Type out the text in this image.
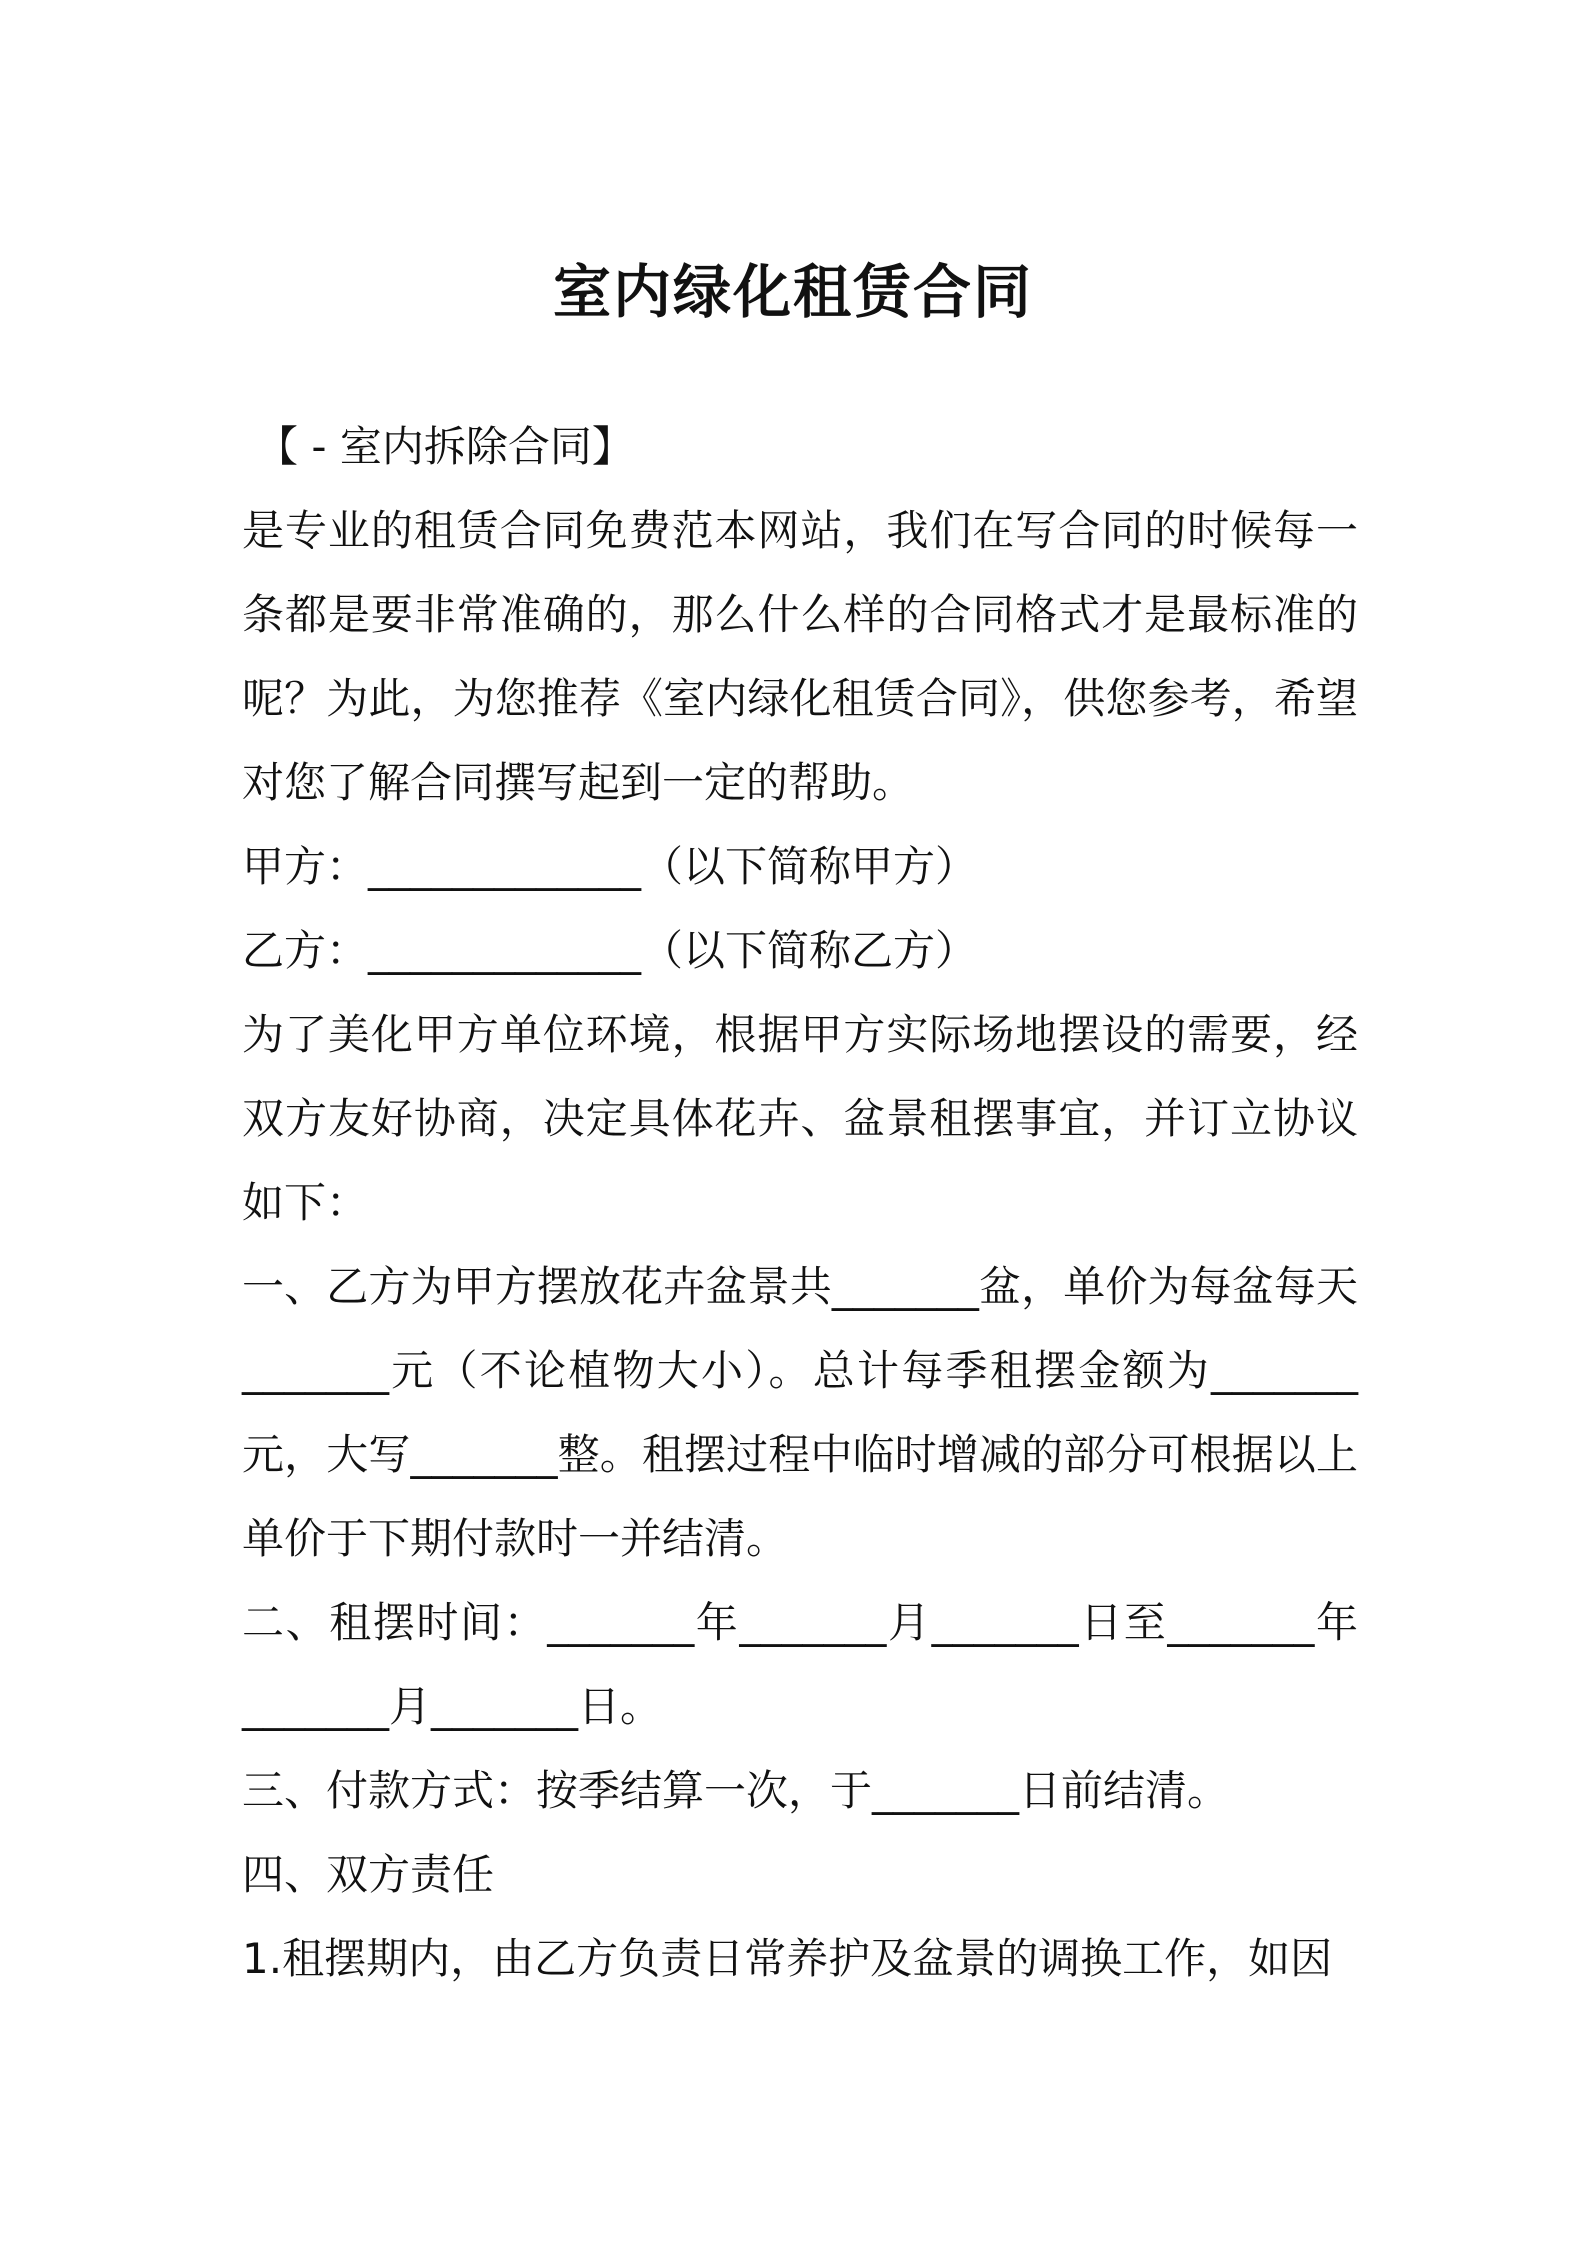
室内绿化租赁合同

【 - 室内拆除合同】

是专业的租赁合同免费范本网站，我们在写合同的时候每一条都是要非常准确的，那么什么样的合同格式才是最标准的呢？为此，为您推荐《室内绿化租赁合同》，供您参考，希望对您了解合同撰写起到一定的帮助。

甲方：_____________（以下简称甲方）

乙方：_____________（以下简称乙方）

为了美化甲方单位环境，根据甲方实际场地摆设的需要，经双方友好协商，决定具体花卉、盆景租摆事宜，并订立协议如下：

一、乙方为甲方摆放花卉盆景共_______盆，单价为每盆每天_______元（不论植物大小）。总计每季租摆金额为_______元，大写_______整。租摆过程中临时增减的部分可根据以上单价于下期付款时一并结清。

二、租摆时间：_______年_______月_______日至_______年_______月_______日。

三、付款方式：按季结算一次，于_______日前结清。

四、双方责任

1.租摆期内，由乙方负责日常养护及盆景的调换工作，如因
